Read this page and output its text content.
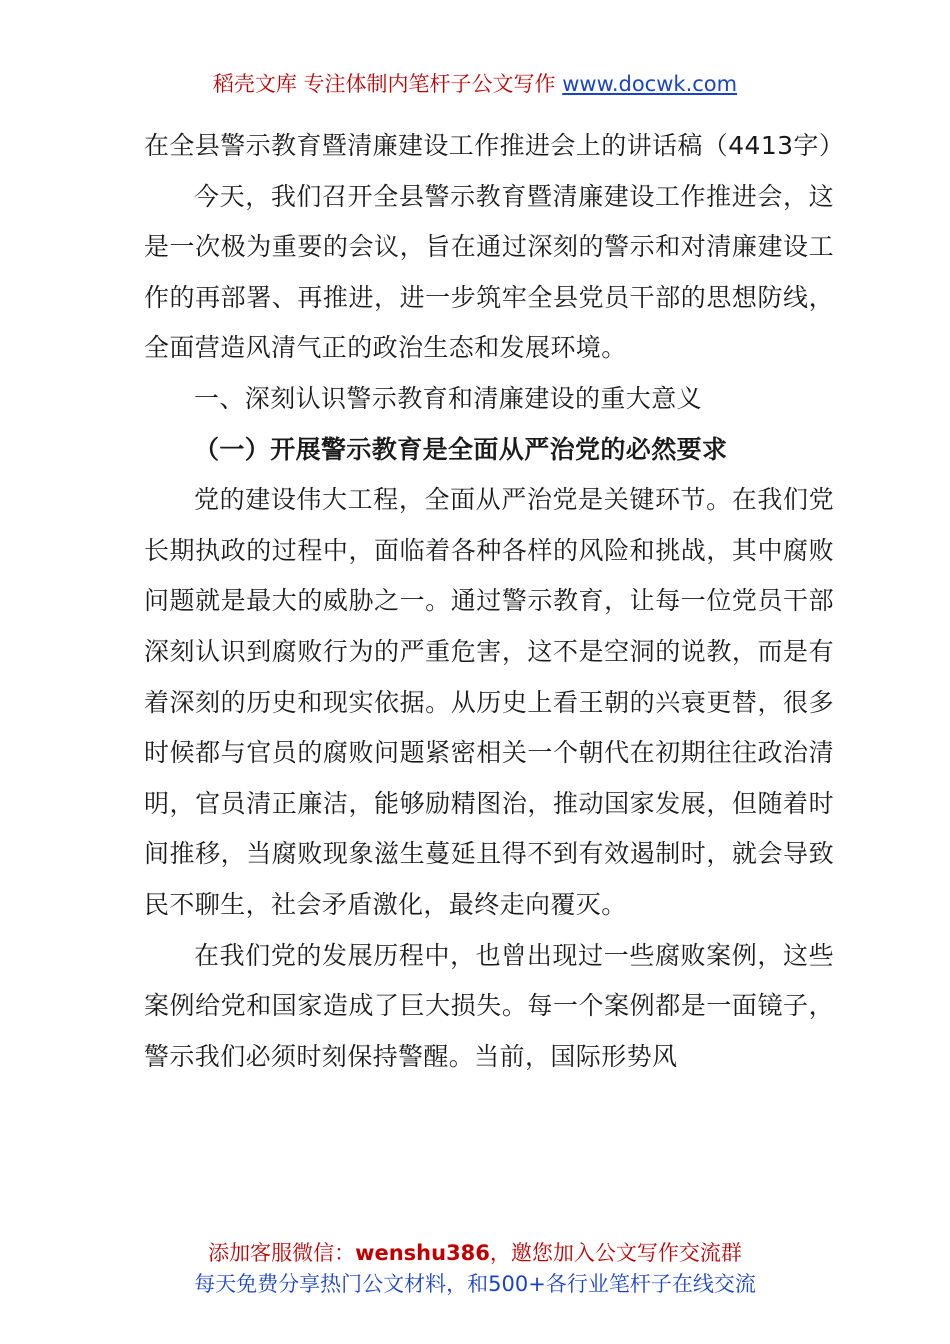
稻壳文库 专注体制内笔杆子公文写作 www.docwk.com

在全县警示教育暨清廉建设工作推进会上的讲话稿（4413字）

今天，我们召开全县警示教育暨清廉建设工作推进会，这是一次极为重要的会议，旨在通过深刻的警示和对清廉建设工作的再部署、再推进，进一步筑牢全县党员干部的思想防线，全面营造风清气正的政治生态和发展环境。

一、深刻认识警示教育和清廉建设的重大意义

（一）开展警示教育是全面从严治党的必然要求

党的建设伟大工程，全面从严治党是关键环节。在我们党长期执政的过程中，面临着各种各样的风险和挑战，其中腐败问题就是最大的威胁之一。通过警示教育，让每一位党员干部深刻认识到腐败行为的严重危害，这不是空洞的说教，而是有着深刻的历史和现实依据。从历史上看王朝的兴衰更替，很多时候都与官员的腐败问题紧密相关一个朝代在初期往往政治清明，官员清正廉洁，能够励精图治，推动国家发展，但随着时间推移，当腐败现象滋生蔓延且得不到有效遏制时，就会导致民不聊生，社会矛盾激化，最终走向覆灭。

在我们党的发展历程中，也曾出现过一些腐败案例，这些案例给党和国家造成了巨大损失。每一个案例都是一面镜子，警示我们必须时刻保持警醒。当前，国际形势风

添加客服微信：wenshu386，邀您加入公文写作交流群
每天免费分享热门公文材料，和500+各行业笔杆子在线交流
